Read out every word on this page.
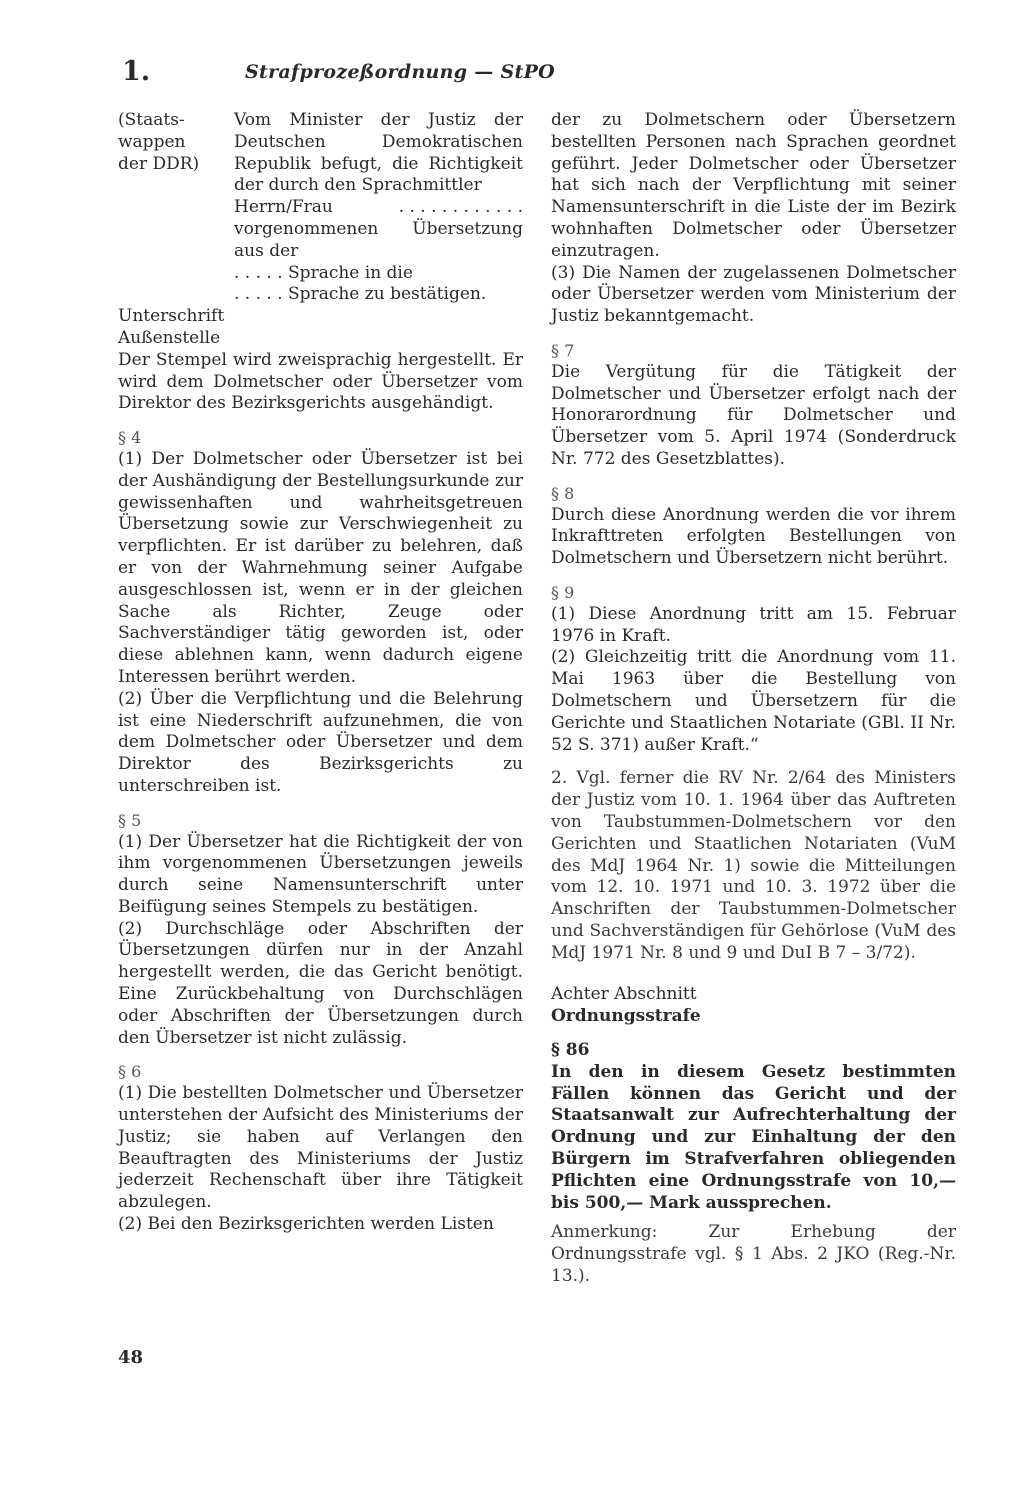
1.	Strafprozeßordnung — StPO
(Staats-
wappen
der DDR)

Vom Minister der Justiz der Deutschen Demokratischen Republik befugt, die Richtigkeit der durch den Sprachmittler

Herrn/Frau	. . . . . . . . . . . .

vorgenommenen Übersetzung aus der

. . . . . Sprache in die
. . . . . Sprache zu bestätigen.
Unterschrift
Außenstelle

Der Stempel wird zweisprachig hergestellt. Er wird dem Dolmetscher oder Übersetzer vom Direktor des Bezirksgerichts ausgehändigt.

§ 4

(1) Der Dolmetscher oder Übersetzer ist bei der Aushändigung der Bestellungsurkunde zur gewissenhaften und wahrheitsgetreuen Übersetzung sowie zur Verschwiegenheit zu verpflichten. Er ist darüber zu belehren, daß er von der Wahrnehmung seiner Aufgabe ausgeschlossen ist, wenn er in der gleichen Sache als Richter, Zeuge oder Sachverständiger tätig geworden ist, oder diese ablehnen kann, wenn dadurch eigene Interessen berührt werden.

(2) Über die Verpflichtung und die Belehrung ist eine Niederschrift aufzunehmen, die von dem Dolmetscher oder Übersetzer und dem Direktor des Bezirksgerichts zu unterschreiben ist.

§ 5

(1) Der Übersetzer hat die Richtigkeit der von ihm vorgenommenen Übersetzungen jeweils durch seine Namensunterschrift unter Beifügung seines Stempels zu bestätigen.

(2) Durchschläge oder Abschriften der Übersetzungen dürfen nur in der Anzahl hergestellt werden, die das Gericht benötigt. Eine Zurückbehaltung von Durchschlägen oder Abschriften der Übersetzungen durch den Übersetzer ist nicht zulässig.

§ 6

(1) Die bestellten Dolmetscher und Übersetzer unterstehen der Aufsicht des Ministeriums der Justiz; sie haben auf Verlangen den Beauftragten des Ministeriums der Justiz jederzeit Rechenschaft über ihre Tätigkeit abzulegen.

(2) Bei den Bezirksgerichten werden Listen

der zu Dolmetschern oder Übersetzern bestellten Personen nach Sprachen geordnet geführt. Jeder Dolmetscher oder Übersetzer hat sich nach der Verpflichtung mit seiner Namensunterschrift in die Liste der im Bezirk wohnhaften Dolmetscher oder Übersetzer einzutragen.

(3) Die Namen der zugelassenen Dolmetscher oder Übersetzer werden vom Ministerium der Justiz bekanntgemacht.

§ 7

Die Vergütung für die Tätigkeit der Dolmetscher und Übersetzer erfolgt nach der Honorarordnung für Dolmetscher und Übersetzer vom 5. April 1974 (Sonderdruck Nr. 772 des Gesetzblattes).

§ 8

Durch diese Anordnung werden die vor ihrem Inkrafttreten erfolgten Bestellungen von Dolmetschern und Übersetzern nicht berührt.

§ 9

(1) Diese Anordnung tritt am 15. Februar 1976 in Kraft.

(2) Gleichzeitig tritt die Anordnung vom 11. Mai 1963 über die Bestellung von Dolmetschern und Übersetzern für die Gerichte und Staatlichen Notariate (GBl. II Nr. 52 S. 371) außer Kraft.“

2. Vgl. ferner die RV Nr. 2/64 des Ministers der Justiz vom 10. 1. 1964 über das Auftreten von Taubstummen-Dolmetschern vor den Gerichten und Staatlichen Notariaten (VuM des MdJ 1964 Nr. 1) sowie die Mitteilungen vom 12. 10. 1971 und 10. 3. 1972 über die Anschriften der Taubstummen-Dolmetscher und Sachverständigen für Gehörlose (VuM des MdJ 1971 Nr. 8 und 9 und DuI B 7 – 3/72).

Achter Abschnitt

Ordnungsstrafe

§ 86

In den in diesem Gesetz bestimmten Fällen können das Gericht und der Staatsanwalt zur Aufrechterhaltung der Ordnung und zur Einhaltung der den Bürgern im Strafverfahren obliegenden Pflichten eine Ordnungsstrafe von 10,— bis 500,— Mark aussprechen.

Anmerkung: Zur Erhebung der Ordnungsstrafe vgl. § 1 Abs. 2 JKO (Reg.-Nr. 13.).

48
